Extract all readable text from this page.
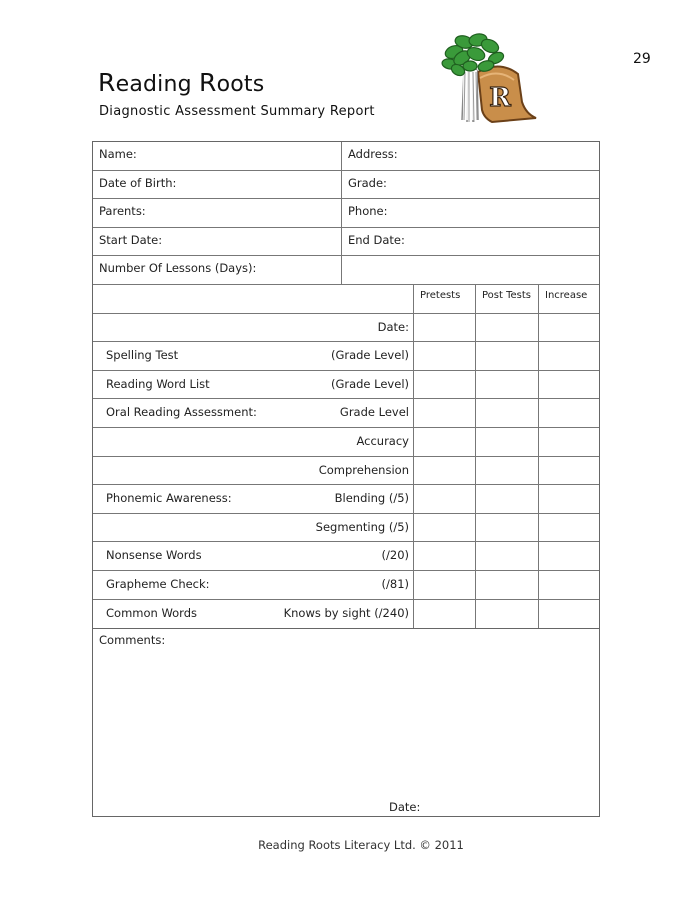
29
Reading Roots
Diagnostic Assessment Summary Report	R
Name:	Address:
Date of Birth:	Grade:
Parents:	Phone:
Start Date:	End Date:
Number Of Lessons (Days):
Pretests	Post Tests	Increase
Date:
Spelling Test	(Grade Level)
Reading Word List	(Grade Level)
Oral Reading Assessment:	Grade Level
Accuracy
Comprehension
Phonemic Awareness:	Blending (/5)
Segmenting (/5)
Nonsense Words	(/20)
Grapheme Check:	(/81)
Common Words	Knows by sight (/240)
Comments:
Date:
Reading Roots Literacy Ltd. © 2011
